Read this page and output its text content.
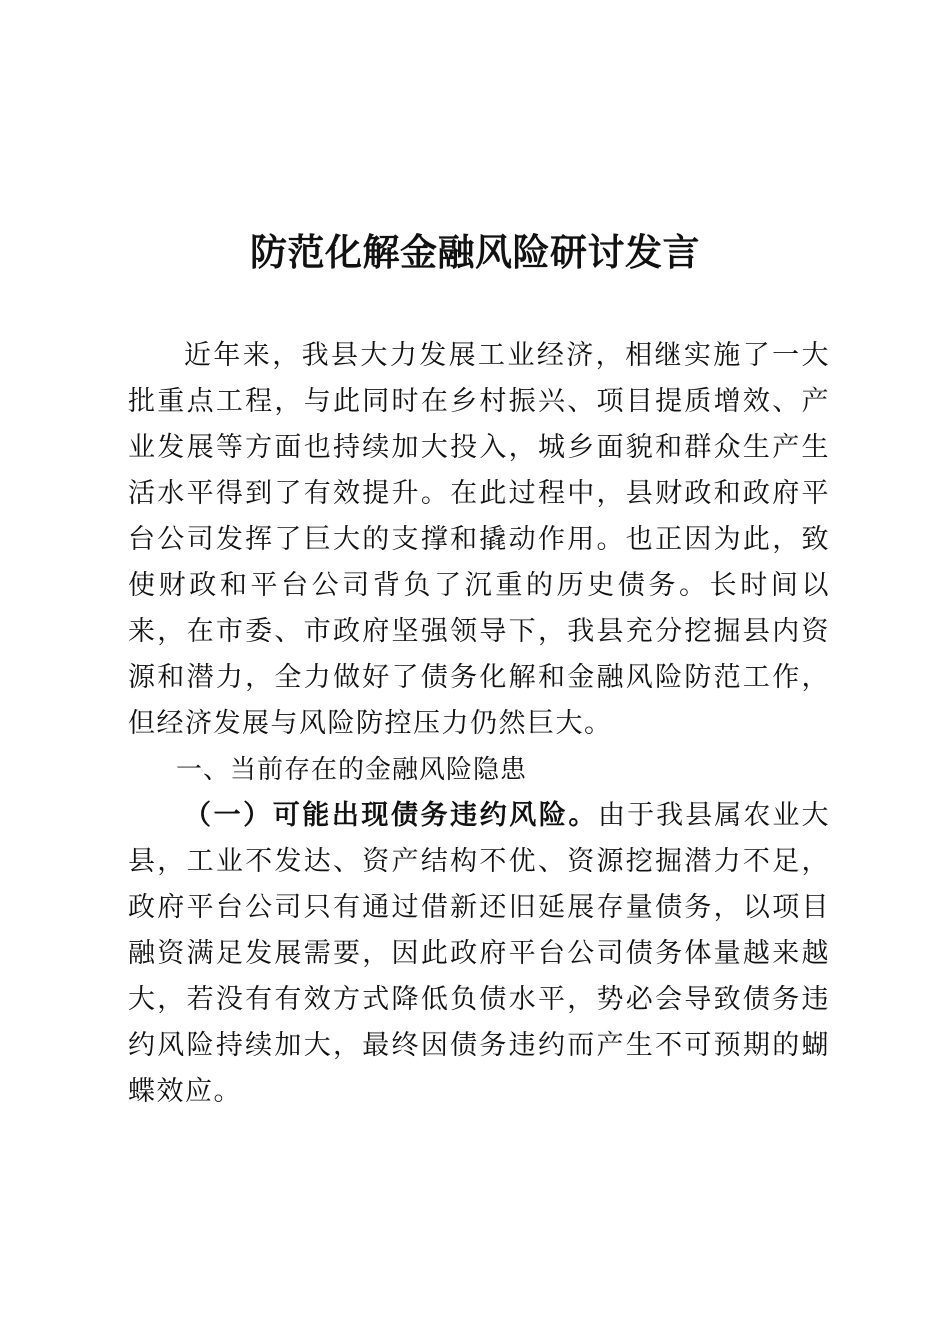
防范化解金融风险研讨发言

近年来，我县大力发展工业经济，相继实施了一大批重点工程，与此同时在乡村振兴、项目提质增效、产业发展等方面也持续加大投入，城乡面貌和群众生产生活水平得到了有效提升。在此过程中，县财政和政府平台公司发挥了巨大的支撑和撬动作用。也正因为此，致使财政和平台公司背负了沉重的历史债务。长时间以来，在市委、市政府坚强领导下，我县充分挖掘县内资源和潜力，全力做好了债务化解和金融风险防范工作，但经济发展与风险防控压力仍然巨大。

一、当前存在的金融风险隐患

（一）可能出现债务违约风险。由于我县属农业大县，工业不发达、资产结构不优、资源挖掘潜力不足，政府平台公司只有通过借新还旧延展存量债务，以项目融资满足发展需要，因此政府平台公司债务体量越来越大，若没有有效方式降低负债水平，势必会导致债务违约风险持续加大，最终因债务违约而产生不可预期的蝴蝶效应。
